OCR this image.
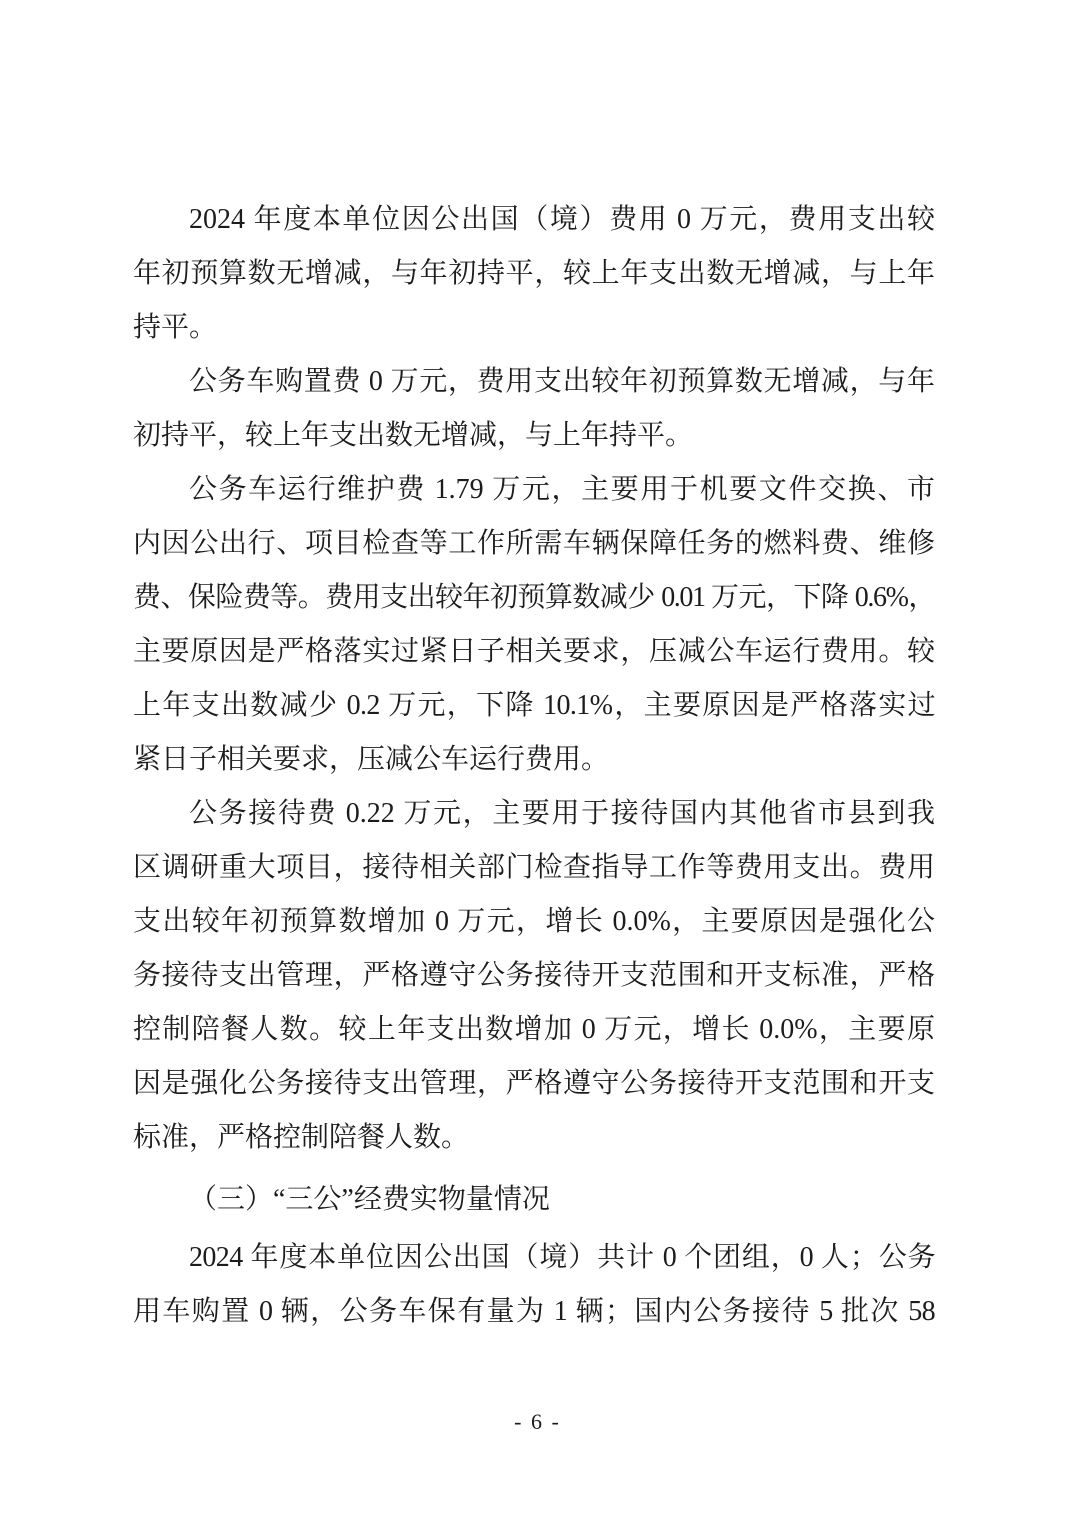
2024 年度本单位因公出国（境）费用 0 万元，费用支出较
年初预算数无增减，与年初持平，较上年支出数无增减，与上年
持平。
公务车购置费 0 万元，费用支出较年初预算数无增减，与年
初持平，较上年支出数无增减，与上年持平。
公务车运行维护费 1.79 万元，主要用于机要文件交换、市
内因公出行、项目检查等工作所需车辆保障任务的燃料费、维修
费、保险费等。费用支出较年初预算数减少 0.01 万元，下降 0.6%，
主要原因是严格落实过紧日子相关要求，压减公车运行费用。较
上年支出数减少 0.2 万元，下降 10.1%，主要原因是严格落实过
紧日子相关要求，压减公车运行费用。
公务接待费 0.22 万元，主要用于接待国内其他省市县到我
区调研重大项目，接待相关部门检查指导工作等费用支出。费用
支出较年初预算数增加 0 万元，增长 0.0%，主要原因是强化公
务接待支出管理，严格遵守公务接待开支范围和开支标准，严格
控制陪餐人数。较上年支出数增加 0 万元，增长 0.0%，主要原
因是强化公务接待支出管理，严格遵守公务接待开支范围和开支
标准，严格控制陪餐人数。
（三）“三公”经费实物量情况
2024 年度本单位因公出国（境）共计 0 个团组，0 人；公务
用车购置 0 辆，公务车保有量为 1 辆；国内公务接待 5 批次 58
- 6 -
